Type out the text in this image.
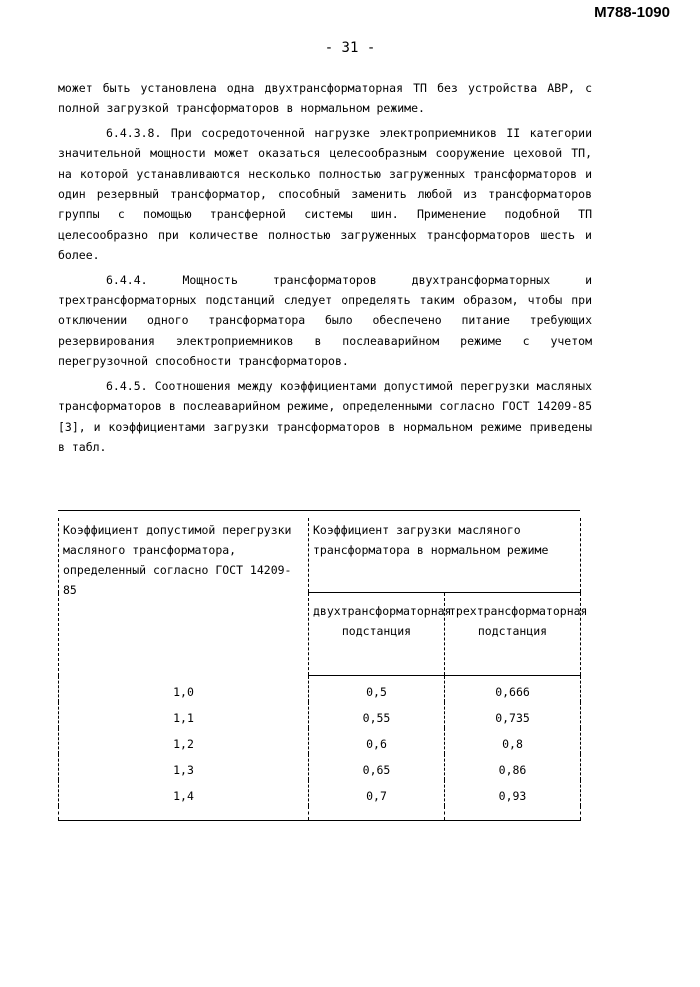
M788-1090
- 31 -

может быть установлена одна двухтрансформаторная ТП без устройства АВР, с полной загрузкой трансформаторов в нормальном режиме.

6.4.3.8. При сосредоточенной нагрузке электроприемников II категории значительной мощности может оказаться целесообразным сооружение цеховой ТП, на которой устанавливаются несколько полностью загруженных трансформаторов и один резервный трансформатор, способный заменить любой из трансформаторов группы с помощью трансферной системы шин. Применение подобной ТП целесообразно при количестве полностью загруженных трансформаторов шесть и более.

6.4.4. Мощность трансформаторов двухтрансформаторных и трехтрансформаторных подстанций следует определять таким образом, чтобы при отключении одного трансформатора было обеспечено питание требующих резервирования электроприемников в послеаварийном режиме с учетом перегрузочной способности трансформаторов.

6.4.5. Соотношения между коэффициентами допустимой перегрузки масляных трансформаторов в послеаварийном режиме, определенными согласно ГОСТ 14209-85 [3], и коэффициентами загрузки трансформаторов в нормальном режиме приведены в табл.

Коэффициент допустимой перегрузки масляного трансформатора, определенный согласно ГОСТ 14209-85	Коэффициент загрузки масляного трансформатора в нормальном режиме	
	двухтрансформаторная подстанция	трехтрансформаторная подстанция
1,0	0,5	0,666
1,1	0,55	0,735
1,2	0,6	0,8
1,3	0,65	0,86
1,4	0,7	0,93
